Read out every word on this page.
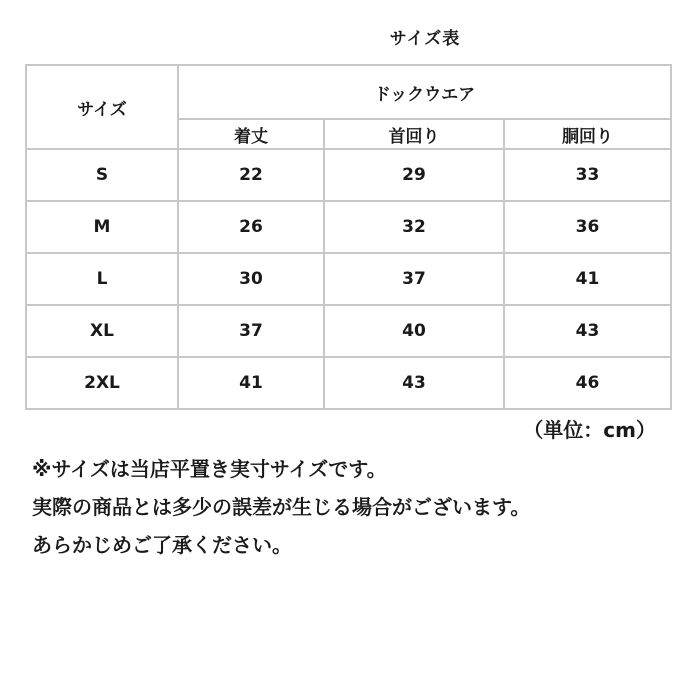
サイズ表
サイズ	ドックウエア		
	着丈	首回り	胴回り
S	22	29	33
M	26	32	36
L	30	37	41
XL	37	40	43
2XL	41	43	46
（単位：cm）
※サイズは当店平置き実寸サイズです。
実際の商品とは多少の誤差が生じる場合がございます。
あらかじめご了承ください。
